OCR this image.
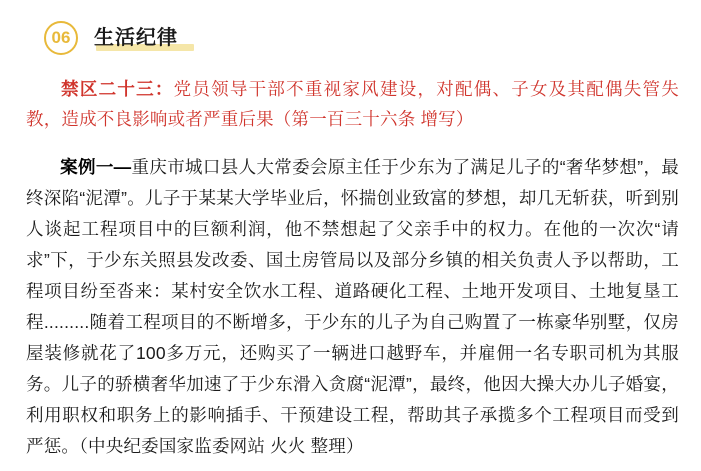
06	生活纪律

禁区二十三：党员领导干部不重视家风建设，对配偶、子女及其配偶失管失教，造成不良影响或者严重后果（第一百三十六条 增写）

案例一—重庆市城口县人大常委会原主任于少东为了满足儿子的“奢华梦想”，最终深陷“泥潭”。儿子于某某大学毕业后，怀揣创业致富的梦想，却几无斩获，听到别人谈起工程项目中的巨额利润，他不禁想起了父亲手中的权力。在他的一次次“请求”下，于少东关照县发改委、国土房管局以及部分乡镇的相关负责人予以帮助，工程项目纷至沓来：某村安全饮水工程、道路硬化工程、土地开发项目、土地复垦工程.........随着工程项目的不断增多，于少东的儿子为自己购置了一栋豪华别墅，仅房屋装修就花了100多万元，还购买了一辆进口越野车，并雇佣一名专职司机为其服务。儿子的骄横奢华加速了于少东滑入贪腐“泥潭”，最终，他因大操大办儿子婚宴，利用职权和职务上的影响插手、干预建设工程，帮助其子承揽多个工程项目而受到严惩。（中央纪委国家监委网站 火火 整理）
